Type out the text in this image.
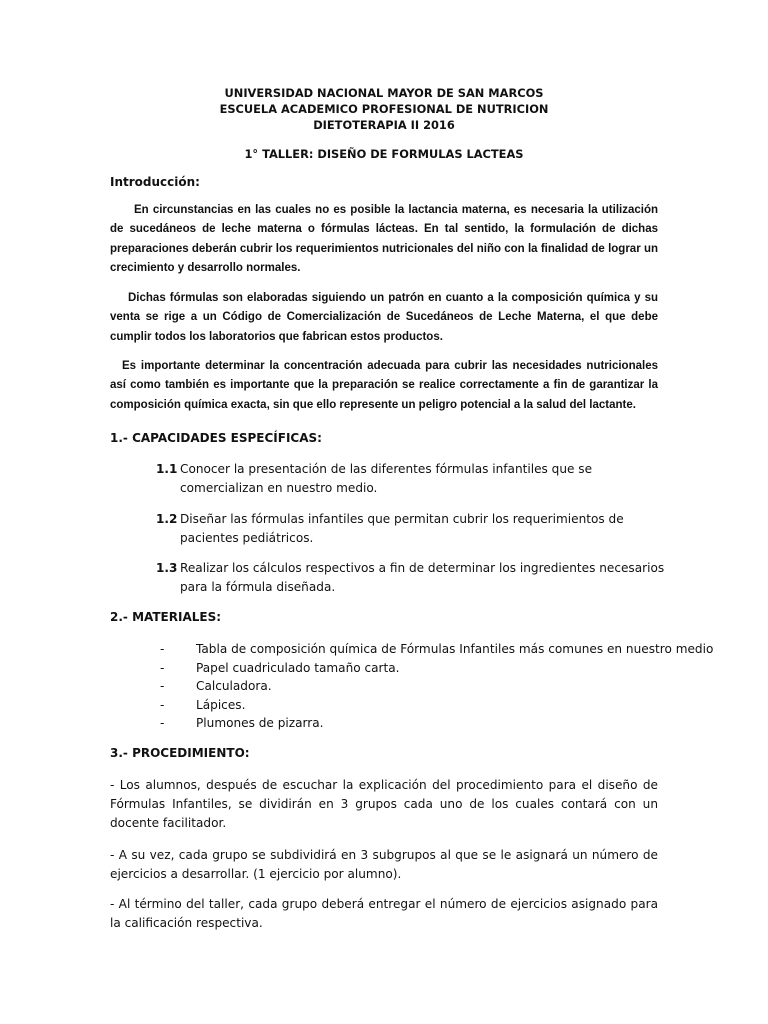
UNIVERSIDAD NACIONAL MAYOR DE SAN MARCOS
ESCUELA ACADEMICO PROFESIONAL DE NUTRICION
DIETOTERAPIA II 2016
1° TALLER: DISEÑO DE FORMULAS LACTEAS
Introducción:
En circunstancias en las cuales no es posible la lactancia materna, es necesaria la utilización de sucedáneos de leche materna o fórmulas lácteas. En tal sentido, la formulación de dichas preparaciones deberán cubrir los requerimientos nutricionales del niño con la finalidad de lograr un crecimiento y desarrollo normales.
Dichas fórmulas son elaboradas siguiendo un patrón en cuanto a la composición química y su venta se rige a un Código de Comercialización de Sucedáneos de Leche Materna, el que debe cumplir todos los laboratorios que fabrican estos productos.
Es importante determinar la concentración adecuada para cubrir las necesidades nutricionales así como también es importante que la preparación se realice correctamente a fin de garantizar la composición química exacta, sin que ello represente un peligro potencial a la salud del lactante.
1.- CAPACIDADES ESPECÍFICAS:
1.1 Conocer la presentación de las diferentes fórmulas infantiles que se comercializan en nuestro medio.
1.2 Diseñar las fórmulas infantiles que permitan cubrir los requerimientos de pacientes pediátricos.
1.3 Realizar los cálculos respectivos a fin de determinar los ingredientes necesarios para la fórmula diseñada.
2.- MATERIALES:
-	Tabla de composición química de Fórmulas Infantiles más comunes en nuestro medio
-	Papel cuadriculado tamaño carta.
-	Calculadora.
-	Lápices.
-	Plumones de pizarra.
3.- PROCEDIMIENTO:
- Los alumnos, después de escuchar la explicación del procedimiento para el diseño de Fórmulas Infantiles, se dividirán en 3 grupos cada uno de los cuales contará con un docente facilitador.
- A su vez, cada grupo se subdividirá en 3 subgrupos al que se le asignará un número de ejercicios a desarrollar. (1 ejercicio por alumno).
- Al término del taller, cada grupo deberá entregar el número de ejercicios asignado para la calificación respectiva.
